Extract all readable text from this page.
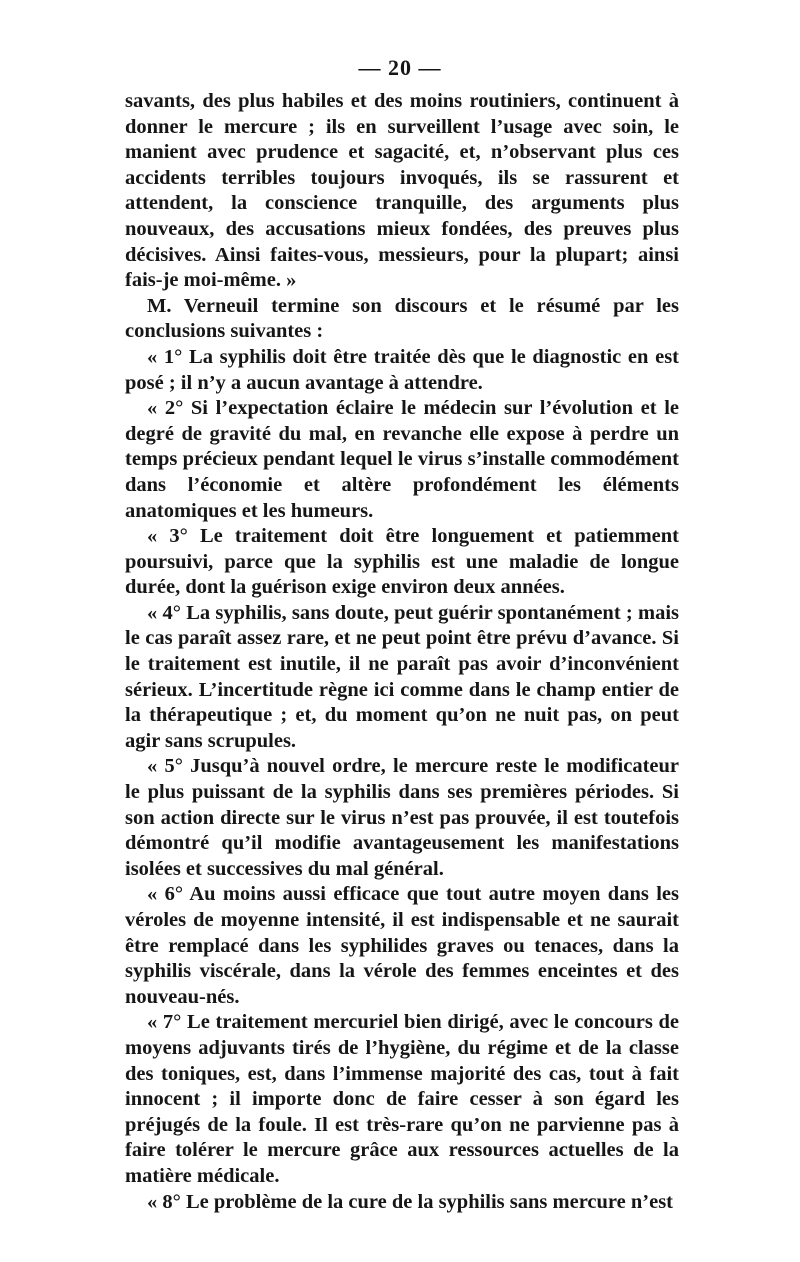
— 20 —

savants, des plus habiles et des moins routiniers, continuent à donner le mercure ; ils en surveillent l’usage avec soin, le manient avec prudence et sagacité, et, n’observant plus ces accidents terribles toujours invoqués, ils se rassurent et attendent, la conscience tranquille, des arguments plus nouveaux, des accusations mieux fondées, des preuves plus décisives. Ainsi faites-vous, messieurs, pour la plupart; ainsi fais-je moi-même. »

M. Verneuil termine son discours et le résumé par les conclusions suivantes :

« 1° La syphilis doit être traitée dès que le diagnostic en est posé ; il n’y a aucun avantage à attendre.

« 2° Si l’expectation éclaire le médecin sur l’évolution et le degré de gravité du mal, en revanche elle expose à perdre un temps précieux pendant lequel le virus s’installe commodément dans l’économie et altère profondément les éléments anatomiques et les humeurs.

« 3° Le traitement doit être longuement et patiemment poursuivi, parce que la syphilis est une maladie de longue durée, dont la guérison exige environ deux années.

« 4° La syphilis, sans doute, peut guérir spontanément ; mais le cas paraît assez rare, et ne peut point être prévu d’avance. Si le traitement est inutile, il ne paraît pas avoir d’inconvénient sérieux. L’incertitude règne ici comme dans le champ entier de la thérapeutique ; et, du moment qu’on ne nuit pas, on peut agir sans scrupules.

« 5° Jusqu’à nouvel ordre, le mercure reste le modificateur le plus puissant de la syphilis dans ses premières périodes. Si son action directe sur le virus n’est pas prouvée, il est toutefois démontré qu’il modifie avantageusement les manifestations isolées et successives du mal général.

« 6° Au moins aussi efficace que tout autre moyen dans les véroles de moyenne intensité, il est indispensable et ne saurait être remplacé dans les syphilides graves ou tenaces, dans la syphilis viscérale, dans la vérole des femmes enceintes et des nouveau-nés.

« 7° Le traitement mercuriel bien dirigé, avec le concours de moyens adjuvants tirés de l’hygiène, du régime et de la classe des toniques, est, dans l’immense majorité des cas, tout à fait innocent ; il importe donc de faire cesser à son égard les préjugés de la foule. Il est très-rare qu’on ne parvienne pas à faire tolérer le mercure grâce aux ressources actuelles de la matière médicale.

« 8° Le problème de la cure de la syphilis sans mercure n’est
